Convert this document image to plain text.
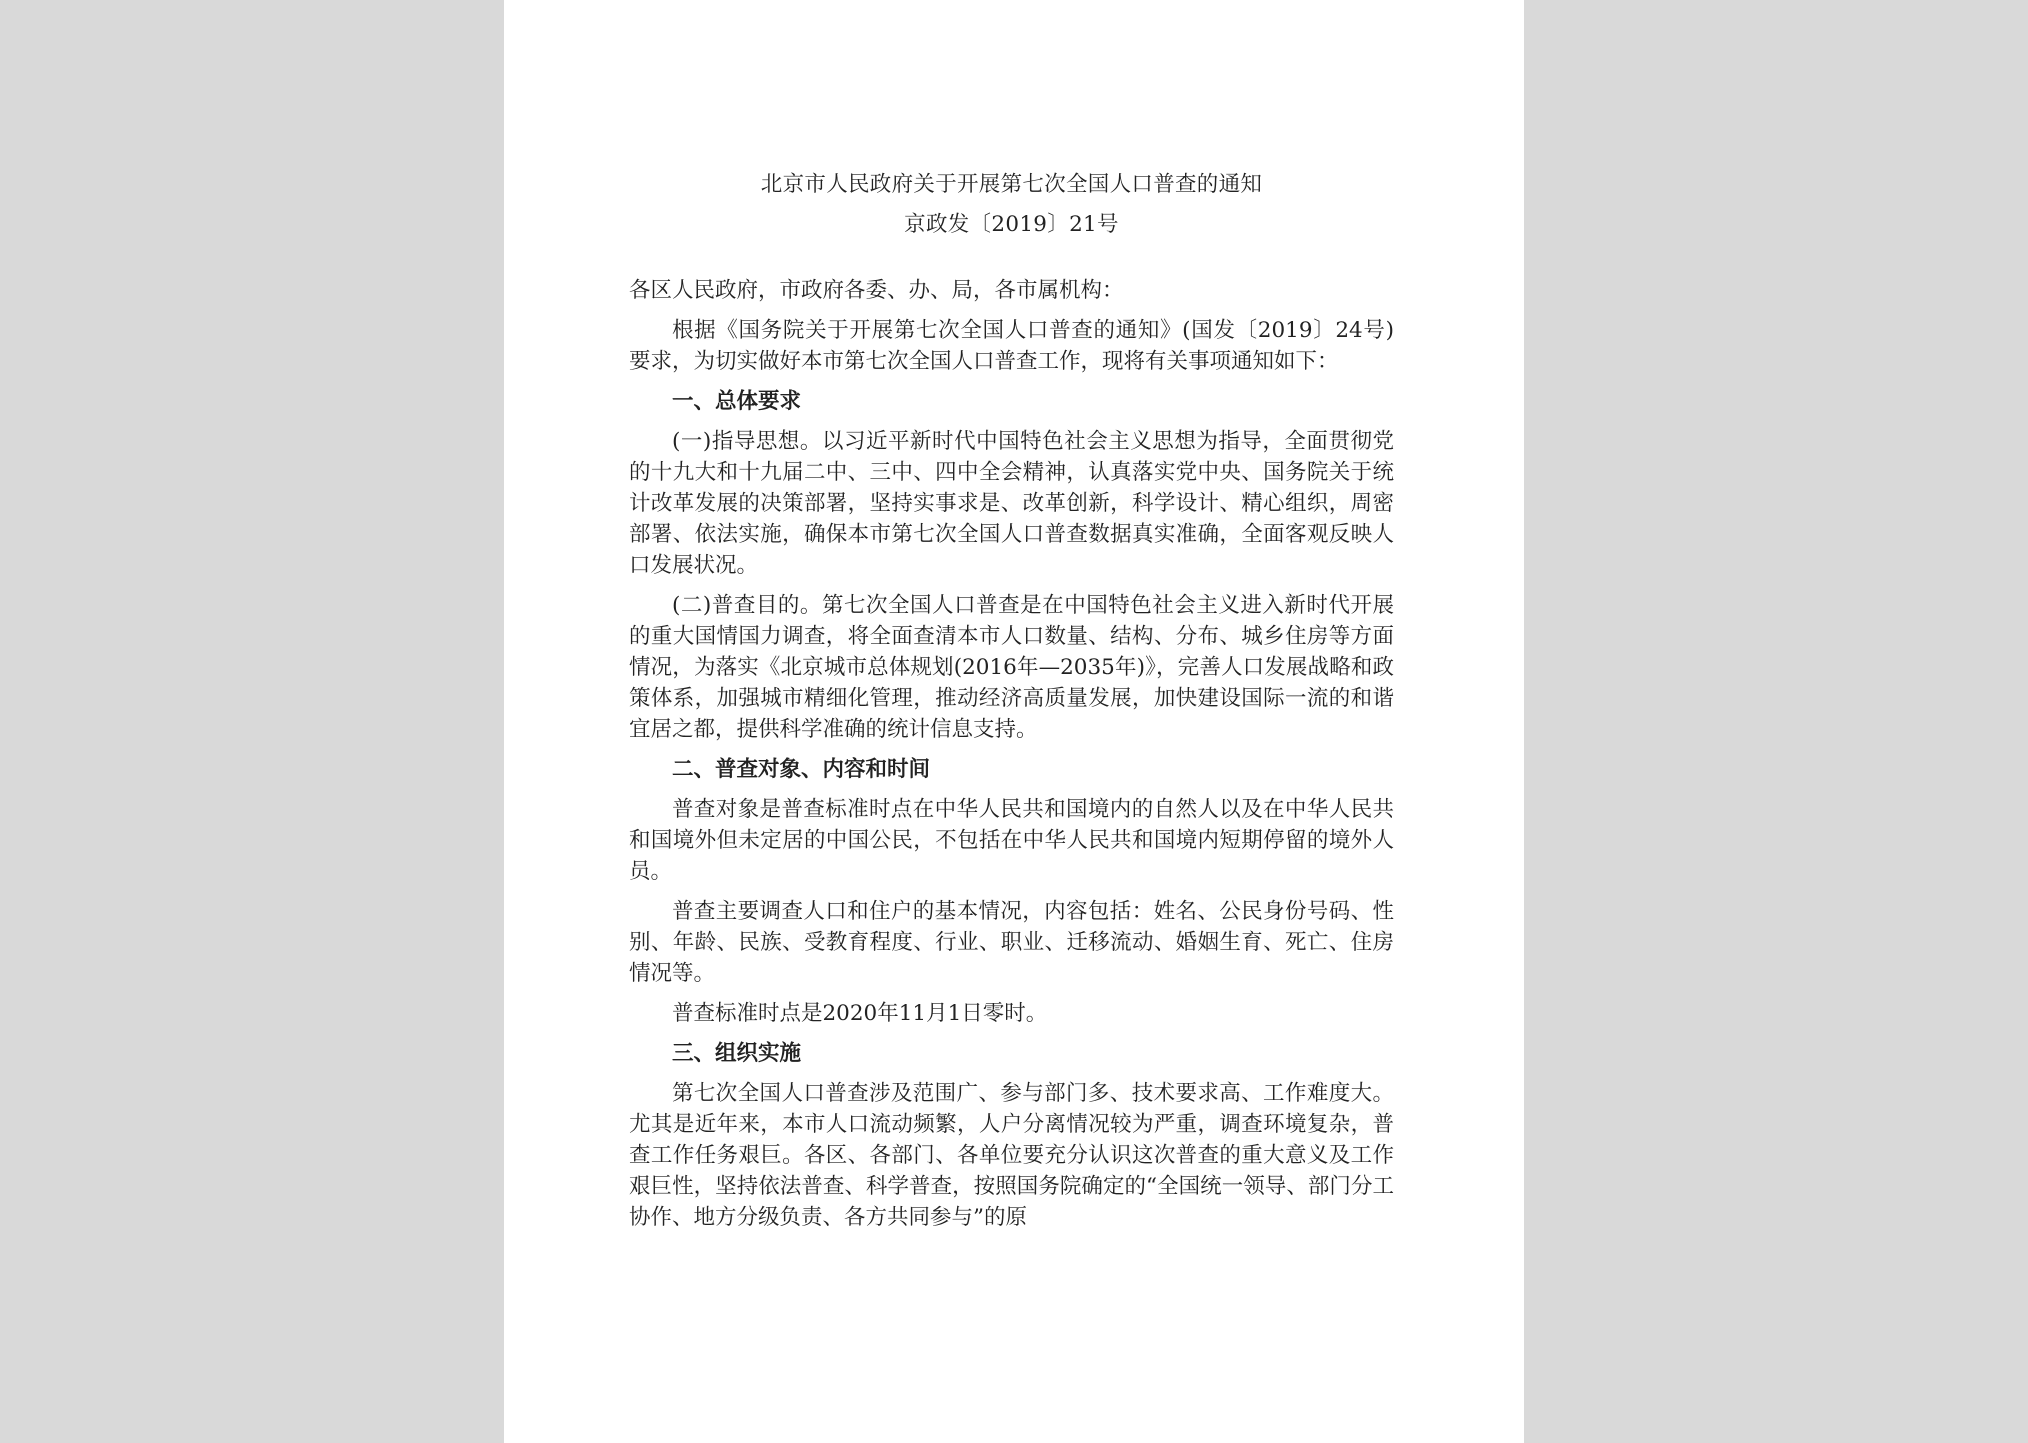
北京市人民政府关于开展第七次全国人口普查的通知
京政发〔2019〕21号

各区人民政府，市政府各委、办、局，各市属机构：

根据《国务院关于开展第七次全国人口普查的通知》(国发〔2019〕24号)要求，为切实做好本市第七次全国人口普查工作，现将有关事项通知如下：

一、总体要求

(一)指导思想。以习近平新时代中国特色社会主义思想为指导，全面贯彻党的十九大和十九届二中、三中、四中全会精神，认真落实党中央、国务院关于统计改革发展的决策部署，坚持实事求是、改革创新，科学设计、精心组织，周密部署、依法实施，确保本市第七次全国人口普查数据真实准确，全面客观反映人口发展状况。

(二)普查目的。第七次全国人口普查是在中国特色社会主义进入新时代开展的重大国情国力调查，将全面查清本市人口数量、结构、分布、城乡住房等方面情况，为落实《北京城市总体规划(2016年—2035年)》，完善人口发展战略和政策体系，加强城市精细化管理，推动经济高质量发展，加快建设国际一流的和谐宜居之都，提供科学准确的统计信息支持。

二、普查对象、内容和时间

普查对象是普查标准时点在中华人民共和国境内的自然人以及在中华人民共和国境外但未定居的中国公民，不包括在中华人民共和国境内短期停留的境外人员。

普查主要调查人口和住户的基本情况，内容包括：姓名、公民身份号码、性别、年龄、民族、受教育程度、行业、职业、迁移流动、婚姻生育、死亡、住房情况等。

普查标准时点是2020年11月1日零时。

三、组织实施

第七次全国人口普查涉及范围广、参与部门多、技术要求高、工作难度大。尤其是近年来，本市人口流动频繁，人户分离情况较为严重，调查环境复杂，普查工作任务艰巨。各区、各部门、各单位要充分认识这次普查的重大意义及工作艰巨性，坚持依法普查、科学普查，按照国务院确定的“全国统一领导、部门分工协作、地方分级负责、各方共同参与”的原
